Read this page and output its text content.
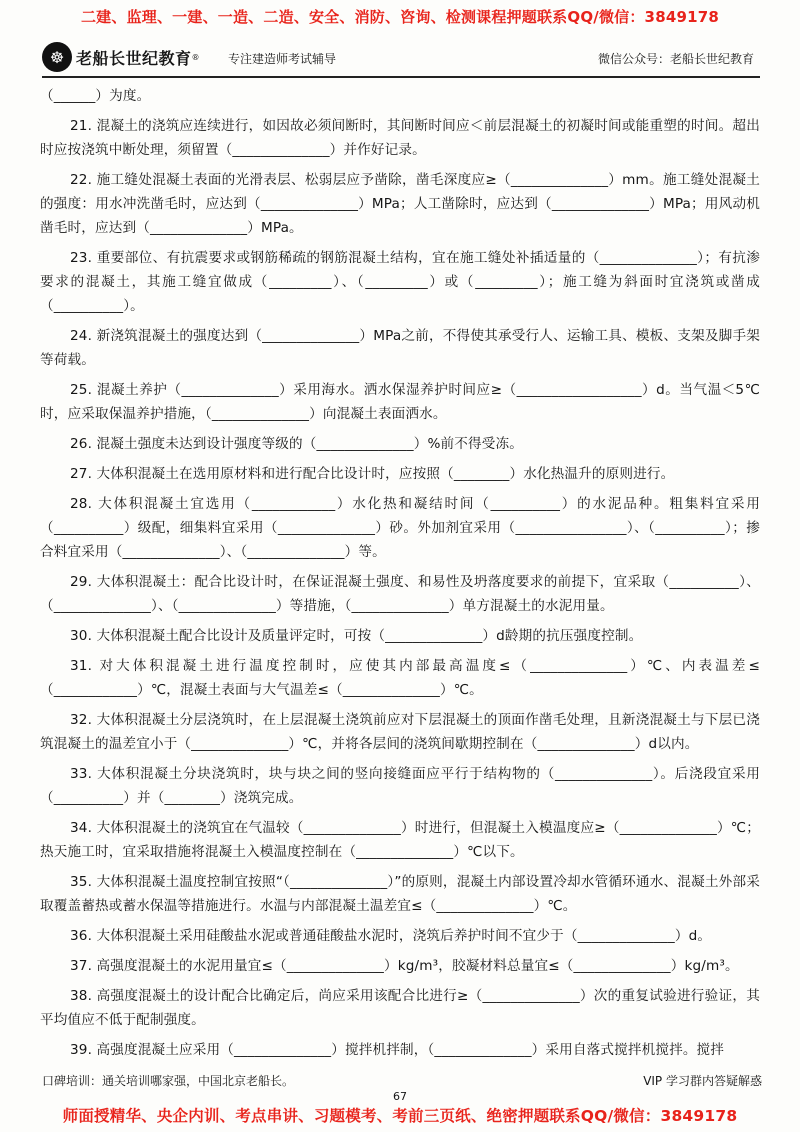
二建、监理、一建、一造、二造、安全、消防、咨询、检测课程押题联系QQ/微信：3849178
☸ 老船长世纪教育 ® 专注建造师考试辅导	微信公众号：老船长世纪教育

（______）为度。

21. 混凝土的浇筑应连续进行，如因故必须间断时，其间断时间应＜前层混凝土的初凝时间或能重塑的时间。超出时应按浇筑中断处理，须留置（______________）并作好记录。

22. 施工缝处混凝土表面的光滑表层、松弱层应予凿除，凿毛深度应≥（______________）mm。施工缝处混凝土的强度：用水冲洗凿毛时，应达到（______________）MPa；人工凿除时，应达到（______________）MPa；用风动机凿毛时，应达到（______________）MPa。

23. 重要部位、有抗震要求或钢筋稀疏的钢筋混凝土结构，宜在施工缝处补插适量的（______________）；有抗渗要求的混凝土，其施工缝宜做成（_________）、（_________）或（_________）；施工缝为斜面时宜浇筑或凿成（__________）。

24. 新浇筑混凝土的强度达到（______________）MPa之前，不得使其承受行人、运输工具、模板、支架及脚手架等荷载。

25. 混凝土养护（______________）采用海水。洒水保湿养护时间应≥（__________________）d。当气温＜5℃时，应采取保温养护措施，（______________）向混凝土表面洒水。

26. 混凝土强度未达到设计强度等级的（______________）%前不得受冻。

27. 大体积混凝土在选用原材料和进行配合比设计时，应按照（________）水化热温升的原则进行。

28. 大体积混凝土宜选用（____________）水化热和凝结时间（__________）的水泥品种。粗集料宜采用（__________）级配，细集料宜采用（______________）砂。外加剂宜采用（________________）、（__________）；掺合料宜采用（______________）、（______________）等。

29. 大体积混凝土：配合比设计时，在保证混凝土强度、和易性及坍落度要求的前提下，宜采取（__________）、（______________）、（______________）等措施，（______________）单方混凝土的水泥用量。

30. 大体积混凝土配合比设计及质量评定时，可按（______________）d龄期的抗压强度控制。

31. 对大体积混凝土进行温度控制时，应使其内部最高温度≤（______________）℃、内表温差≤（____________）℃，混凝土表面与大气温差≤（______________）℃。

32. 大体积混凝土分层浇筑时，在上层混凝土浇筑前应对下层混凝土的顶面作凿毛处理，且新浇混凝土与下层已浇筑混凝土的温差宜小于（______________）℃，并将各层间的浇筑间歇期控制在（______________）d以内。

33. 大体积混凝土分块浇筑时，块与块之间的竖向接缝面应平行于结构物的（______________）。后浇段宜采用（__________）并（________）浇筑完成。

34. 大体积混凝土的浇筑宜在气温较（______________）时进行，但混凝土入模温度应≥（______________）℃；热天施工时，宜采取措施将混凝土入模温度控制在（______________）℃以下。

35. 大体积混凝土温度控制宜按照“（______________）”的原则，混凝土内部设置冷却水管循环通水、混凝土外部采取覆盖蓄热或蓄水保温等措施进行。水温与内部混凝土温差宜≤（______________）℃。

36. 大体积混凝土采用硅酸盐水泥或普通硅酸盐水泥时，浇筑后养护时间不宜少于（______________）d。

37. 高强度混凝土的水泥用量宜≤（______________）kg/m³，胶凝材料总量宜≤（______________）kg/m³。

38. 高强度混凝土的设计配合比确定后，尚应采用该配合比进行≥（______________）次的重复试验进行验证，其平均值应不低于配制强度。

39. 高强度混凝土应采用（______________）搅拌机拌制，（______________）采用自落式搅拌机搅拌。搅拌

口碑培训：通关培训哪家强，中国北京老船长。	VIP 学习群内答疑解惑
67
师面授精华、央企内训、考点串讲、习题模考、考前三页纸、绝密押题联系QQ/微信：3849178
